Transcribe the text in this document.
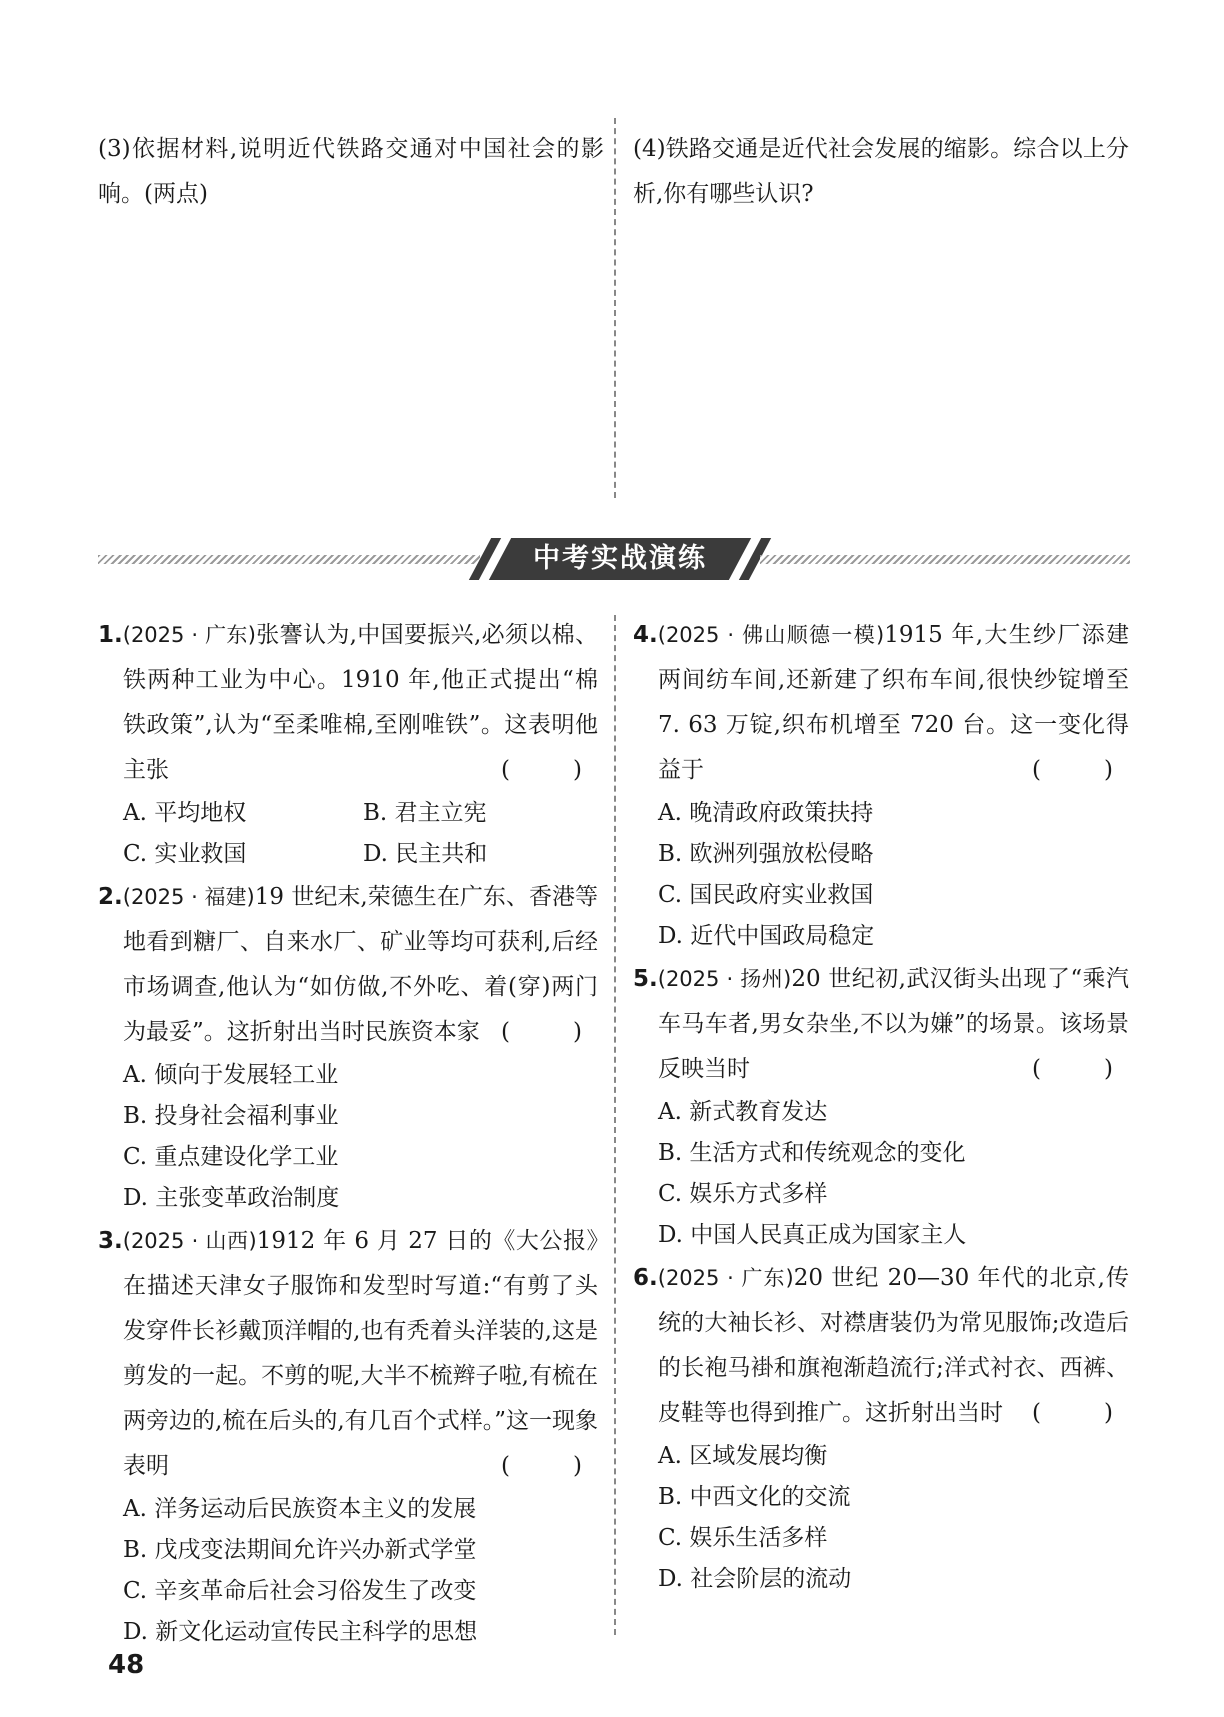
(3)依据材料,说明近代铁路交通对中国社会的影响。(两点)
(4)铁路交通是近代社会发展的缩影。综合以上分析,你有哪些认识?
中考实战演练
1.(2025 · 广东)张謇认为,中国要振兴,必须以棉、铁两种工业为中心。1910 年,他正式提出“棉铁政策”,认为“至柔唯棉,至刚唯铁”。这表明他主张	(	)
A. 平均地权	B. 君主立宪
C. 实业救国	D. 民主共和
2.(2025 · 福建)19 世纪末,荣德生在广东、香港等地看到糖厂、自来水厂、矿业等均可获利,后经市场调查,他认为“如仿做,不外吃、着(穿)两门为最妥”。这折射出当时民族资本家 (	)
A. 倾向于发展轻工业
B. 投身社会福利事业
C. 重点建设化学工业
D. 主张变革政治制度
3.(2025 · 山西)1912 年 6 月 27 日的《大公报》在描述天津女子服饰和发型时写道:“有剪了头发穿件长衫戴顶洋帽的,也有秃着头洋装的,这是剪发的一起。不剪的呢,大半不梳辫子啦,有梳在两旁边的,梳在后头的,有几百个式样。”这一现象表明	(	)
A. 洋务运动后民族资本主义的发展
B. 戊戌变法期间允许兴办新式学堂
C. 辛亥革命后社会习俗发生了改变
D. 新文化运动宣传民主科学的思想
4.(2025 · 佛山顺德一模)1915 年,大生纱厂添建两间纺车间,还新建了织布车间,很快纱锭增至 7. 63 万锭,织布机增至 720 台。这一变化得益于	(	)
A. 晚清政府政策扶持
B. 欧洲列强放松侵略
C. 国民政府实业救国
D. 近代中国政局稳定
5.(2025 · 扬州)20 世纪初,武汉街头出现了“乘汽车马车者,男女杂坐,不以为嫌”的场景。该场景反映当时	(	)
A. 新式教育发达
B. 生活方式和传统观念的变化
C. 娱乐方式多样
D. 中国人民真正成为国家主人
6.(2025 · 广东)20 世纪 20—30 年代的北京,传统的大袖长衫、对襟唐装仍为常见服饰;改造后的长袍马褂和旗袍渐趋流行;洋式衬衣、西裤、皮鞋等也得到推广。这折射出当时 (	)
A. 区域发展均衡
B. 中西文化的交流
C. 娱乐生活多样
D. 社会阶层的流动
48
